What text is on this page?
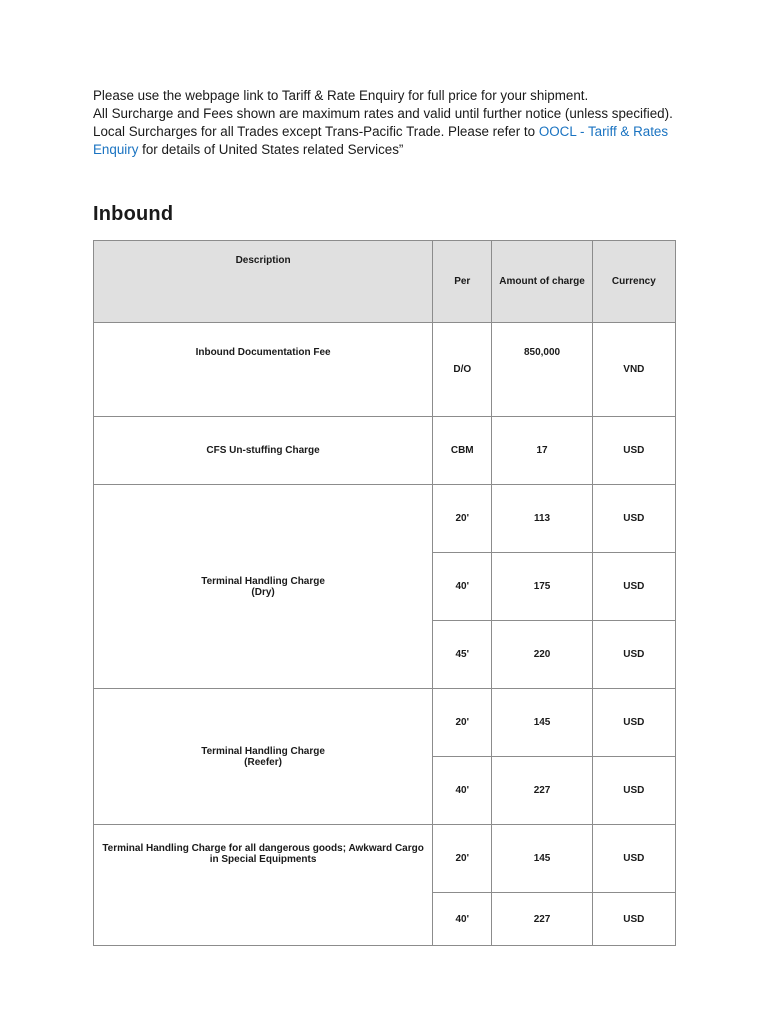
Please use the webpage link to Tariff & Rate Enquiry for full price for your shipment.

All Surcharge and Fees shown are maximum rates and valid until further notice (unless specified).

Local Surcharges for all Trades except Trans-Pacific Trade. Please refer to OOCL - Tariff & Rates Enquiry for details of United States related Services”

Inbound
Description	Per	Amount of charge	Currency
Inbound Documentation Fee	D/O	850,000	VND
CFS Un-stuffing Charge	CBM	17	USD

Terminal Handling Charge
(Dry)	20'	113	USD
	40'	175	USD
	45'	220	USD

Terminal Handling Charge
(Reefer)	20'	145	USD
	40'	227	USD
Terminal Handling Charge for all dangerous goods; Awkward Cargo in Special Equipments	20'	145	USD
	40'	227	USD
